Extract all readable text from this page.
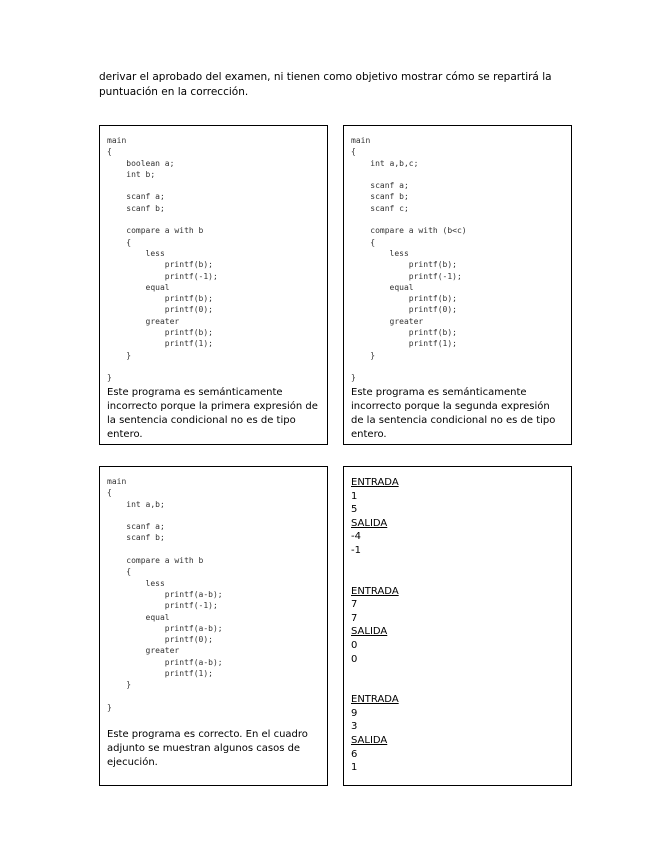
derivar el aprobado del examen, ni tienen como objetivo mostrar cómo se repartirá la puntuación en la corrección.

main
{
	boolean a;
	int b;

	scanf a;
	scanf b;

	compare a with b
	{
		less
			printf(b);
			printf(-1);
		equal
			printf(b);
			printf(0);
		greater
			printf(b);
			printf(1);
	}

}

Este programa es semánticamente incorrecto porque la primera expresión de la sentencia condicional no es de tipo entero.

main
{
	int a,b,c;

	scanf a;
	scanf b;
	scanf c;

	compare a with (b<c)
	{
		less
			printf(b);
			printf(-1);
		equal
			printf(b);
			printf(0);
		greater
			printf(b);
			printf(1);
	}

}

Este programa es semánticamente incorrecto porque la segunda expresión de la sentencia condicional no es de tipo entero.

main
{
	int a,b;

	scanf a;
	scanf b;

	compare a with b
	{
		less
			printf(a-b);
			printf(-1);
		equal
			printf(a-b);
			printf(0);
		greater
			printf(a-b);
			printf(1);
	}

}

Este programa es correcto. En el cuadro adjunto se muestran algunos casos de ejecución.

ENTRADA
1
5
SALIDA
-4
-1
ENTRADA
7
7
SALIDA
0
0
ENTRADA
9
3
SALIDA
6
1
